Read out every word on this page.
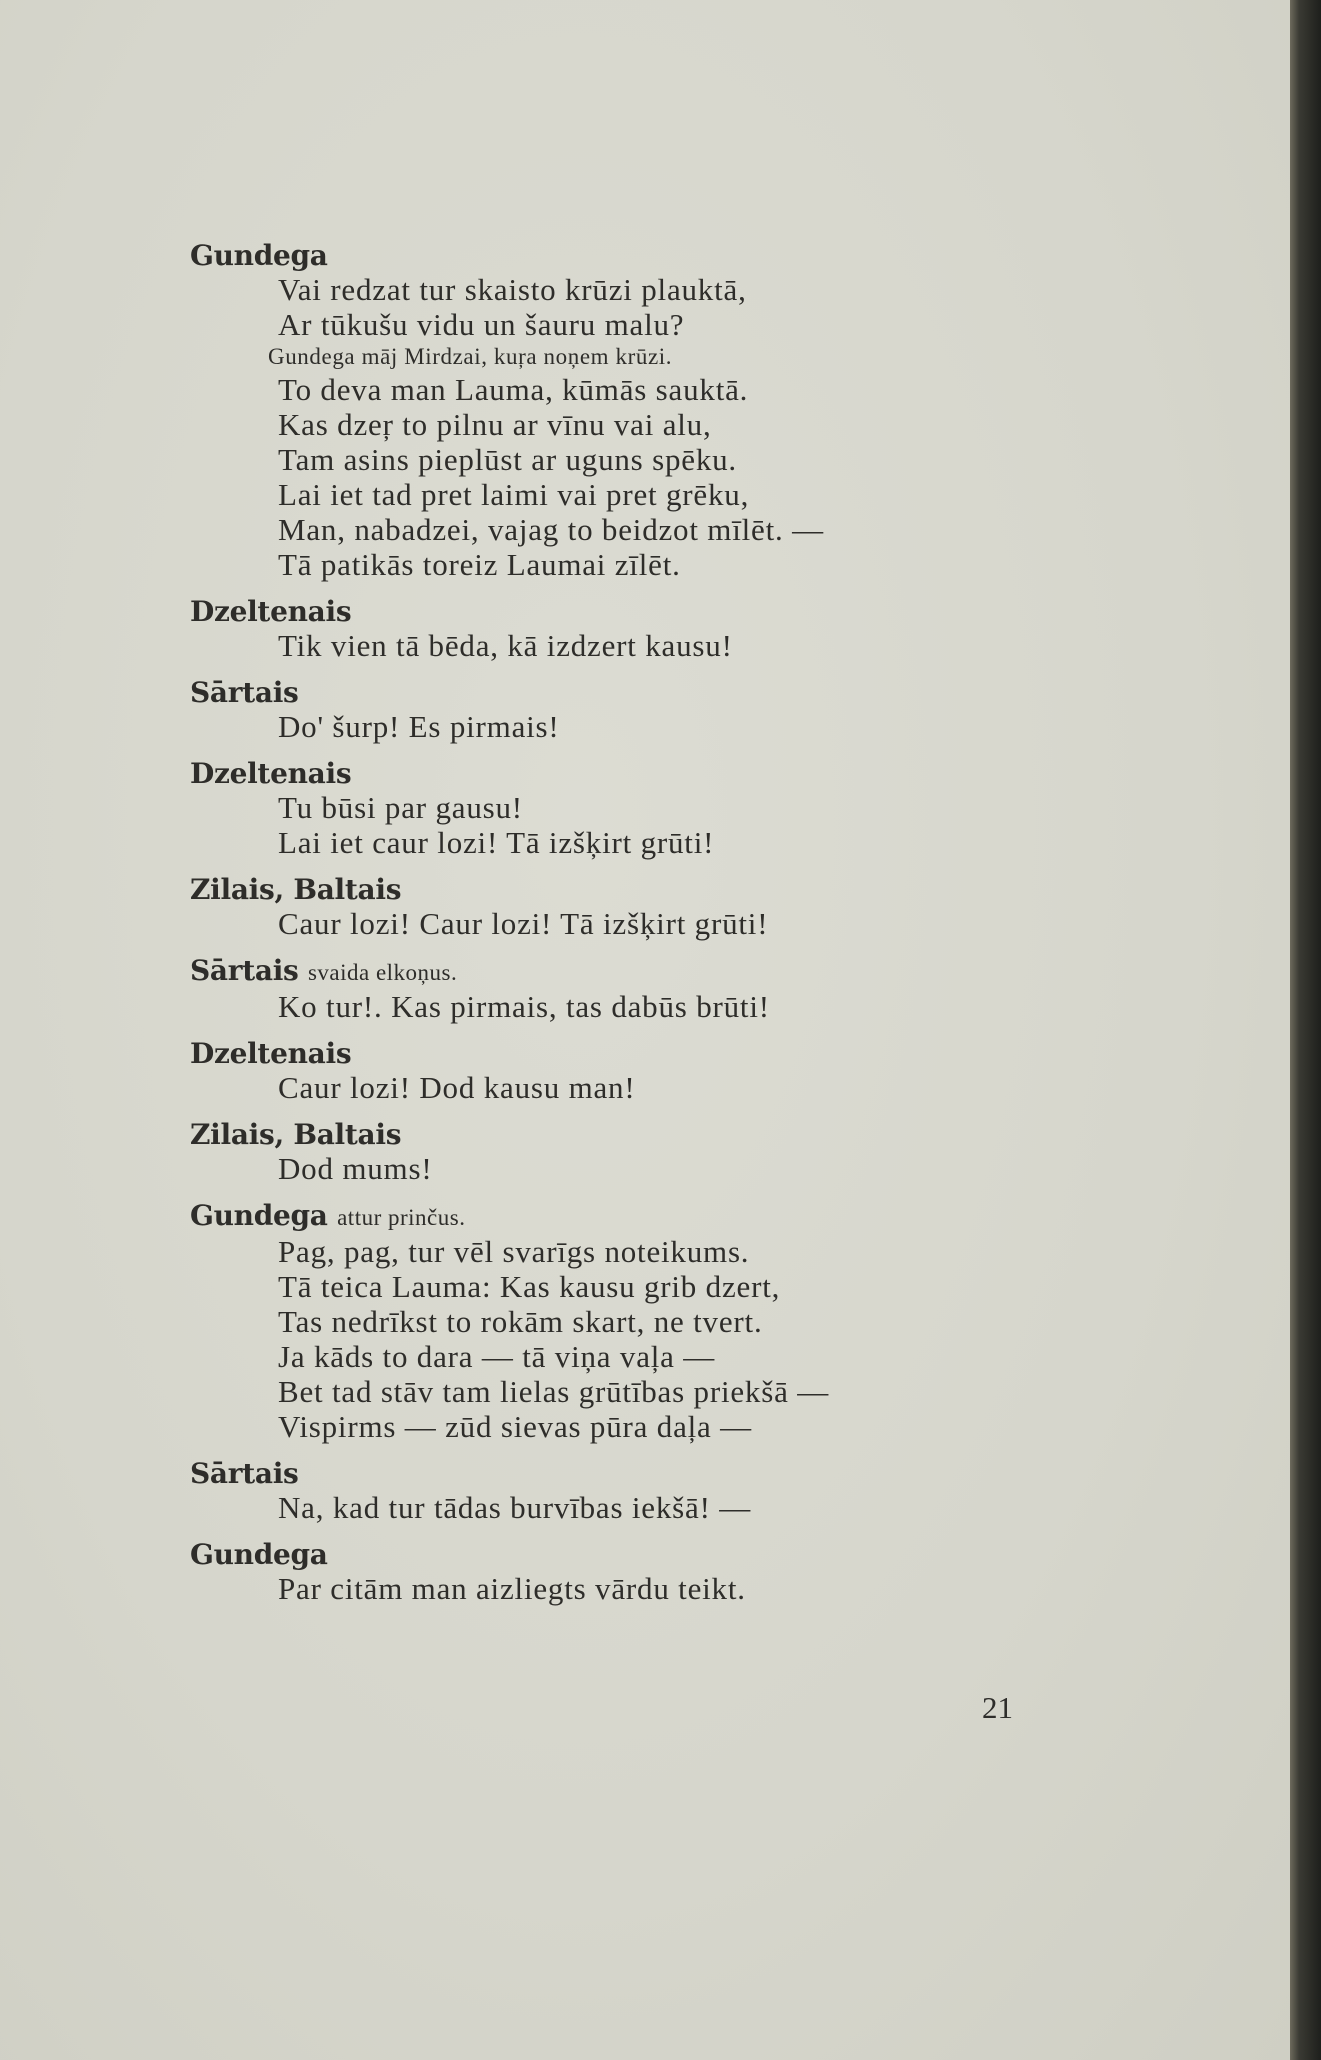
Gundega
Vai redzat tur skaisto krūzi plauktā,
Ar tūkušu vidu un šauru malu?
Gundega māj Mirdzai, kuŗa noņem krūzi.
To deva man Lauma, kūmās sauktā.
Kas dzeŗ to pilnu ar vīnu vai alu,
Tam asins pieplūst ar uguns spēku.
Lai iet tad pret laimi vai pret grēku,
Man, nabadzei, vajag to beidzot mīlēt. —
Tā patikās toreiz Laumai zīlēt.
Dzeltenais
Tik vien tā bēda, kā izdzert kausu!
Sārtais
Do' šurp! Es pirmais!
Dzeltenais
Tu būsi par gausu!
Lai iet caur lozi! Tā izšķirt grūti!
Zilais, Baltais
Caur lozi! Caur lozi! Tā izšķirt grūti!
Sārtais svaida elkoņus.
Ko tur!. Kas pirmais, tas dabūs brūti!
Dzeltenais
Caur lozi! Dod kausu man!
Zilais, Baltais
Dod mums!
Gundega attur prinčus.
Pag, pag, tur vēl svarīgs noteikums.
Tā teica Lauma: Kas kausu grib dzert,
Tas nedrīkst to rokām skart, ne tvert.
Ja kāds to dara — tā viņa vaļa —
Bet tad stāv tam lielas grūtības priekšā —
Vispirms — zūd sievas pūra daļa —
Sārtais
Na, kad tur tādas burvības iekšā! —
Gundega
Par citām man aizliegts vārdu teikt.
21
